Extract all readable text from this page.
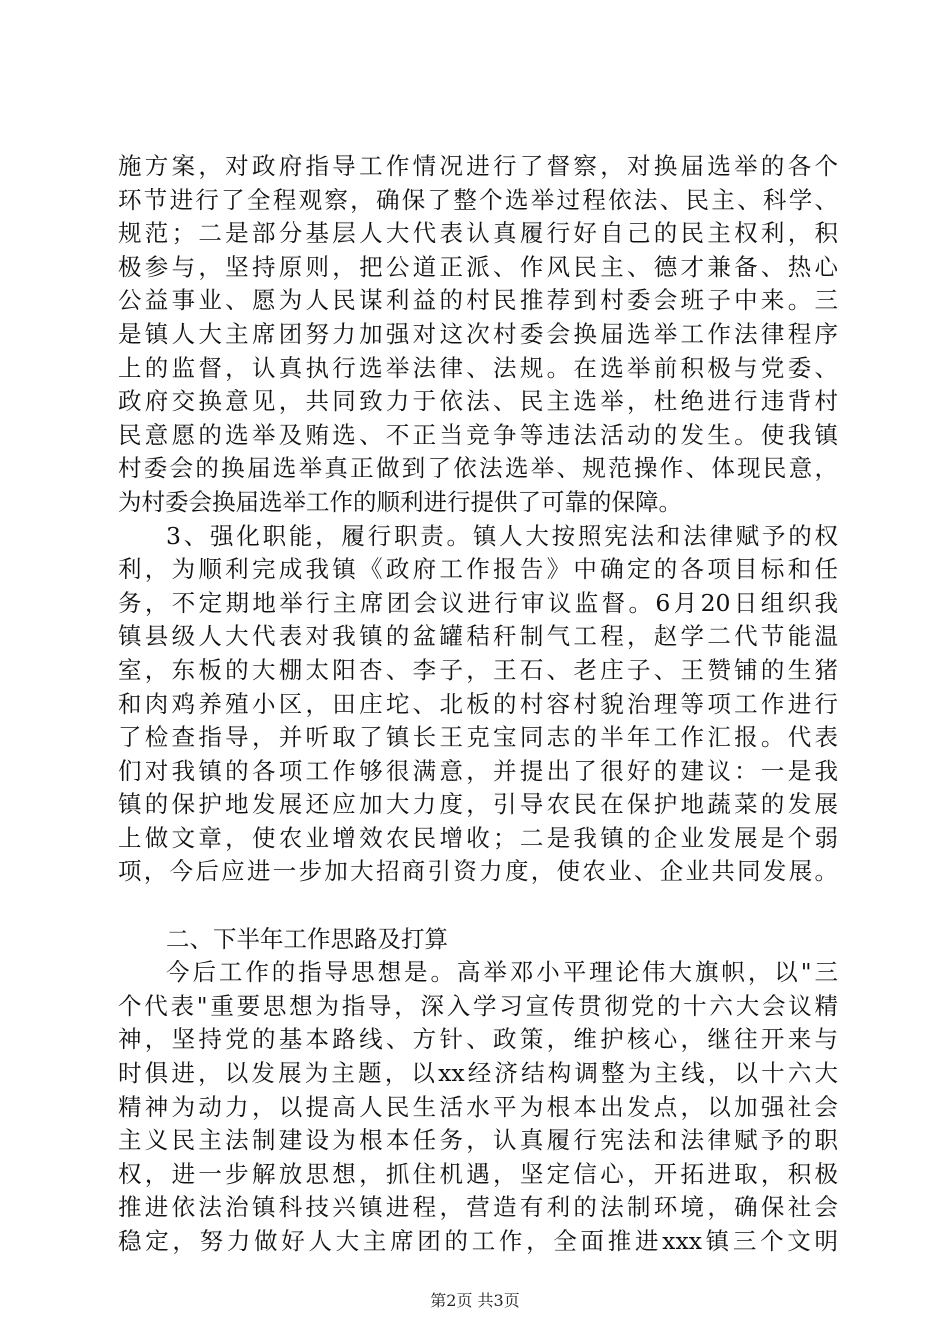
施方案，对政府指导工作情况进行了督察，对换届选举的各个
环节进行了全程观察，确保了整个选举过程依法、民主、科学、
规范；二是部分基层人大代表认真履行好自己的民主权利，积
极参与，坚持原则，把公道正派、作风民主、德才兼备、热心
公益事业、愿为人民谋利益的村民推荐到村委会班子中来。三
是镇人大主席团努力加强对这次村委会换届选举工作法律程序
上的监督，认真执行选举法律、法规。在选举前积极与党委、
政府交换意见，共同致力于依法、民主选举，杜绝进行违背村
民意愿的选举及贿选、不正当竞争等违法活动的发生。使我镇
村委会的换届选举真正做到了依法选举、规范操作、体现民意，
为村委会换届选举工作的顺利进行提供了可靠的保障。
3、强化职能，履行职责。镇人大按照宪法和法律赋予的权
利，为顺利完成我镇《政府工作报告》中确定的各项目标和任
务，不定期地举行主席团会议进行审议监督。6月20日组织我
镇县级人大代表对我镇的盆罐秸秆制气工程，赵学二代节能温
室，东板的大棚太阳杏、李子，王石、老庄子、王赞铺的生猪
和肉鸡养殖小区，田庄坨、北板的村容村貌治理等项工作进行
了检查指导，并听取了镇长王克宝同志的半年工作汇报。代表
们对我镇的各项工作够很满意，并提出了很好的建议：一是我
镇的保护地发展还应加大力度，引导农民在保护地蔬菜的发展
上做文章，使农业增效农民增收；二是我镇的企业发展是个弱
项，今后应进一步加大招商引资力度，使农业、企业共同发展。
二、下半年工作思路及打算
今后工作的指导思想是。高举邓小平理论伟大旗帜，以"三
个代表"重要思想为指导，深入学习宣传贯彻党的十六大会议精
神，坚持党的基本路线、方针、政策，维护核心，继往开来与
时俱进，以发展为主题，以xx经济结构调整为主线，以十六大
精神为动力，以提高人民生活水平为根本出发点，以加强社会
主义民主法制建设为根本任务，认真履行宪法和法律赋予的职
权，进一步解放思想，抓住机遇，坚定信心，开拓进取，积极
推进依法治镇科技兴镇进程，营造有利的法制环境，确保社会
稳定，努力做好人大主席团的工作，全面推进xxx镇三个文明
第2页 共3页
